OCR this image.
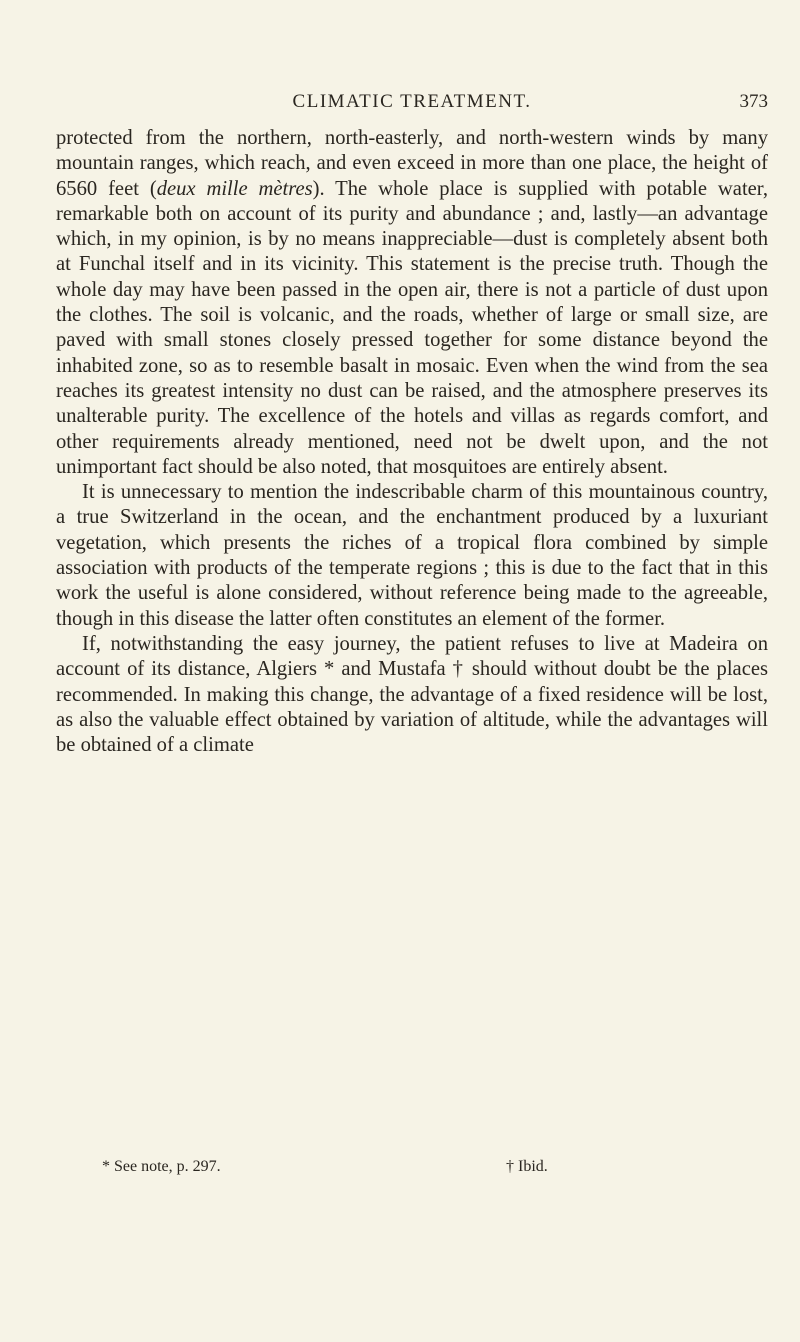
CLIMATIC TREATMENT.	373

protected from the northern, north-easterly, and north-western winds by many mountain ranges, which reach, and even exceed in more than one place, the height of 6560 feet (deux mille mètres). The whole place is supplied with potable water, remarkable both on account of its purity and abundance ; and, lastly—an advantage which, in my opinion, is by no means inappreciable—dust is completely absent both at Funchal itself and in its vicinity. This statement is the precise truth. Though the whole day may have been passed in the open air, there is not a particle of dust upon the clothes. The soil is volcanic, and the roads, whether of large or small size, are paved with small stones closely pressed together for some distance beyond the inhabited zone, so as to resemble basalt in mosaic. Even when the wind from the sea reaches its greatest intensity no dust can be raised, and the atmosphere preserves its unalterable purity. The excellence of the hotels and villas as regards comfort, and other requirements already mentioned, need not be dwelt upon, and the not unimportant fact should be also noted, that mosquitoes are entirely absent.

It is unnecessary to mention the indescribable charm of this mountainous country, a true Switzerland in the ocean, and the enchantment produced by a luxuriant vegetation, which presents the riches of a tropical flora combined by simple association with products of the temperate regions ; this is due to the fact that in this work the useful is alone considered, without reference being made to the agreeable, though in this disease the latter often constitutes an element of the former.

If, notwithstanding the easy journey, the patient refuses to live at Madeira on account of its distance, Algiers * and Mustafa † should without doubt be the places recommended. In making this change, the advantage of a fixed residence will be lost, as also the valuable effect obtained by variation of altitude, while the advantages will be obtained of a climate

* See note, p. 297.	† Ibid.
